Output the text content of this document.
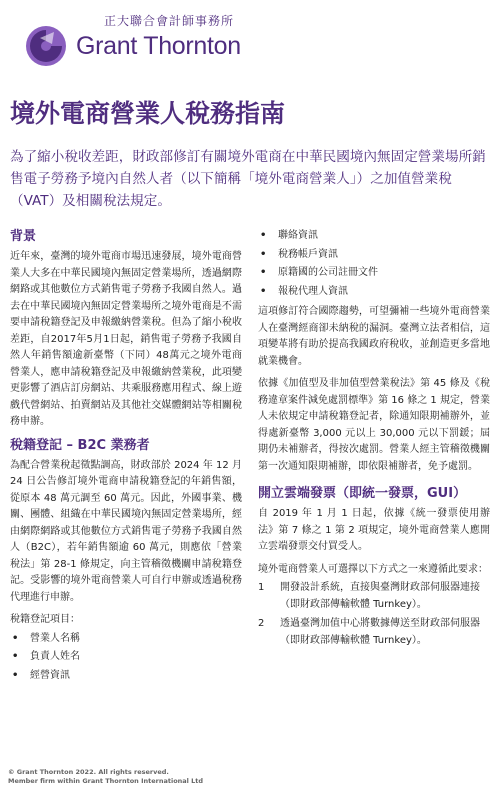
正大聯合會計師事務所
Grant Thornton
境外電商營業人稅務指南

為了縮小稅收差距，財政部修訂有關境外電商在中華民國境內無固定營業場所銷售電子勞務予境內自然人者（以下簡稱「境外電商營業人」）之加值營業稅（VAT）及相關稅法規定。

背景

近年來，臺灣的境外電商市場迅速發展，境外電商營業人大多在中華民國境內無固定營業場所，透過網際網路或其他數位方式銷售電子勞務予我國自然人。過去在中華民國境內無固定營業場所之境外電商是不需要申請稅籍登記及申報繳納營業稅。但為了縮小稅收差距，自2017年5月1日起，銷售電子勞務予我國自然人年銷售額逾新臺幣（下同）48萬元之境外電商營業人，應申請稅籍登記及申報繳納營業稅，此項變更影響了酒店訂房網站、共乘服務應用程式、線上遊戲代營網站、拍賣網站及其他社交媒體網站等相關稅務申辦。

稅籍登記 – B2C 業務者

為配合營業稅起徵點調高，財政部於 2024 年 12 月 24 日公告修訂境外電商申請稅籍登記的年銷售額，從原本 48 萬元調至 60 萬元。因此，外國事業、機關、團體、組織在中華民國境內無固定營業場所，經由網際網路或其他數位方式銷售電子勞務予我國自然人（B2C），若年銷售額逾 60 萬元，則應依「營業稅法」第 28-1 條規定，向主管稽徵機關申請稅籍登記。受影響的境外電商營業人可自行申辦或透過稅務代理進行申辦。

稅籍登記項目：

• 營業人名稱
• 負責人姓名
• 經營資訊
• 聯絡資訊
• 稅務帳戶資訊
• 原籍國的公司註冊文件
• 報稅代理人資訊

這項修訂符合國際趨勢，可望彌補一些境外電商營業人在臺灣經商卻未納稅的漏洞。臺灣立法者相信，這項變革將有助於提高我國政府稅收，並創造更多當地就業機會。

依據《加值型及非加值型營業稅法》第 45 條及《稅務違章案件減免處罰標準》第 16 條之 1 規定，營業人未依規定申請稅籍登記者，除通知限期補辦外，並得處新臺幣 3,000 元以上 30,000 元以下罰鍰；屆期仍未補辦者，得按次處罰。營業人經主管稽徵機關第一次通知限期補辦，即依限補辦者，免予處罰。

開立雲端發票（即統一發票，GUI）

自 2019 年 1 月 1 日起，依據《統一發票使用辦法》第 7 條之 1 第 2 項規定，境外電商營業人應開立雲端發票交付買受人。

境外電商營業人可選擇以下方式之一來遵循此要求：

1 開發設計系統，直接與臺灣財政部伺服器連接（即財政部傳輸軟體 Turnkey）。
2 透過臺灣加值中心將數據傳送至財政部伺服器（即財政部傳輸軟體 Turnkey）。
© Grant Thornton 2022. All rights reserved.
Member firm within Grant Thornton International Ltd
